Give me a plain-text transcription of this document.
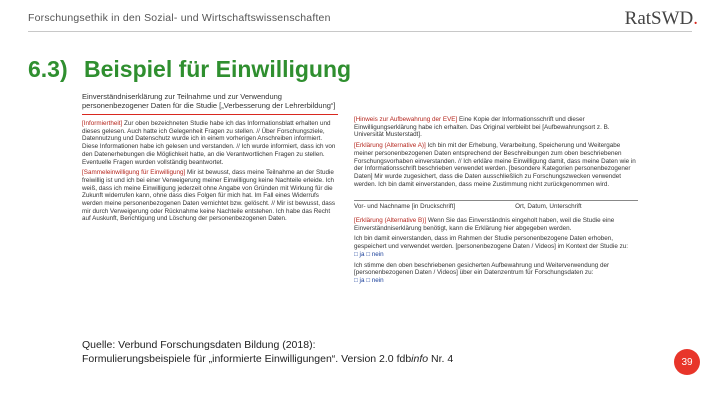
Forschungsethik in den Sozial- und Wirtschaftswissenschaften	RatSWD.
6.3) Beispiel für Einwilligung

Einverständniserklärung zur Teilnahme und zur Verwendung personenbezogener Daten für die Studie [„Verbesserung der Lehrerbildung“]

[Informiertheit] Zur oben bezeichneten Studie habe ich das Informationsblatt erhalten und dieses gelesen. Auch hatte ich Gelegenheit Fragen zu stellen. // Über Forschungsziele, Datennutzung und Datenschutz wurde ich in einem vorherigen Anschreiben informiert. Diese Informationen habe ich gelesen und verstanden. // Ich wurde informiert, dass ich von den Datenerhebungen die Möglichkeit hatte, an die Verantwortlichen Fragen zu stellen. Eventuelle Fragen wurden vollständig beantwortet.

[Sammeleinwilligung für Einwilligung] Mir ist bewusst, dass meine Teilnahme an der Studie freiwillig ist und ich bei einer Verweigerung meiner Einwilligung keine Nachteile erleide. Ich weiß, dass ich meine Einwilligung jederzeit ohne Angabe von Gründen mit Wirkung für die Zukunft widerrufen kann, ohne dass dies Folgen für mich hat. Im Fall eines Widerrufs werden meine personenbezogenen Daten vernichtet bzw. gelöscht. // Mir ist bewusst, dass mir durch Verweigerung oder Rücknahme keine Nachteile entstehen. Ich habe das Recht auf Auskunft, Berichtigung und Löschung der personenbezogenen Daten.

[Hinweis zur Aufbewahrung der EVE] Eine Kopie der Informationsschrift und dieser Einwilligungserklärung habe ich erhalten. Das Original verbleibt bei [Aufbewahrungsort z. B. Universität Musterstadt].

[Erklärung (Alternative A)] Ich bin mit der Erhebung, Verarbeitung, Speicherung und Weitergabe meiner personenbezogenen Daten entsprechend der Beschreibungen zum oben beschriebenen Forschungsvorhaben einverstanden. // Ich erkläre meine Einwilligung damit, dass meine Daten wie in der Informationsschrift beschrieben verwendet werden. [besondere Kategorien personenbezogener Daten] Mir wurde zugesichert, dass die Daten ausschließlich zu Forschungszwecken verwendet werden. Ich bin damit einverstanden, dass meine Zustimmung nicht zurückgenommen wird.

Vor- und Nachname [in Druckschrift]	Ort, Datum, Unterschrift

[Erklärung (Alternative B)] Wenn Sie das Einverständnis eingeholt haben, weil die Studie eine Einverständniserklärung benötigt, kann die Erklärung hier abgegeben werden.

Ich bin damit einverstanden, dass im Rahmen der Studie personenbezogene Daten erhoben, gespeichert und verwendet werden. [personenbezogene Daten / Videos] im Kontext der Studie zu:
□ ja □ nein

Ich stimme den oben beschriebenen gesicherten Aufbewahrung und Weiterverwendung der [personenbezogenen Daten / Videos] über ein Datenzentrum für Forschungsdaten zu:
□ ja □ nein

Quelle: Verbund Forschungsdaten Bildung (2018):
Formulierungsbeispiele für „informierte Einwilligungen“. Version 2.0 fdbinfo Nr. 4	39
